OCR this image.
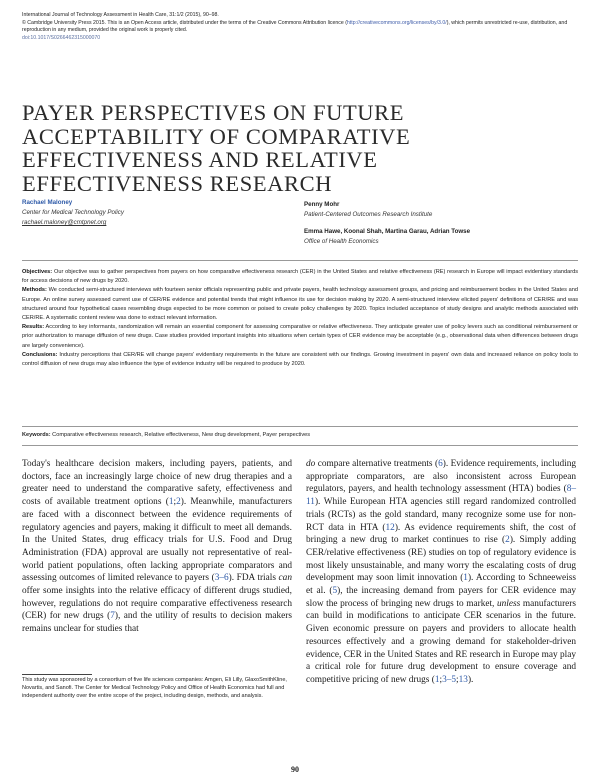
International Journal of Technology Assessment in Health Care, 31:1/2 (2015), 90–98.
© Cambridge University Press 2015. This is an Open Access article, distributed under the terms of the Creative Commons Attribution licence (http://creativecommons.org/licenses/by/3.0/), which permits unrestricted re-use, distribution, and reproduction in any medium, provided the original work is properly cited.
doi:10.1017/S0266462315000070
PAYER PERSPECTIVES ON FUTURE ACCEPTABILITY OF COMPARATIVE EFFECTIVENESS AND RELATIVE EFFECTIVENESS RESEARCH
Rachael Maloney
Center for Medical Technology Policy
rachael.maloney@cmtpnet.org
Penny Mohr
Patient-Centered Outcomes Research Institute
Emma Hawe, Koonal Shah, Martina Garau, Adrian Towse
Office of Health Economics

Objectives: Our objective was to gather perspectives from payers on how comparative effectiveness research (CER) in the United States and relative effectiveness (RE) research in Europe will impact evidentiary standards for access decisions of new drugs by 2020.

Methods: We conducted semi-structured interviews with fourteen senior officials representing public and private payers, health technology assessment groups, and pricing and reimbursement bodies in the United States and Europe. An online survey assessed current use of CER/RE evidence and potential trends that might influence its use for decision making by 2020. A semi-structured interview elicited payers' definitions of CER/RE and was structured around four hypothetical cases resembling drugs expected to be more common or poised to create policy challenges by 2020. Topics included acceptance of study designs and analytic methods associated with CER/RE. A systematic content review was done to extract relevant information.

Results: According to key informants, randomization will remain an essential component for assessing comparative or relative effectiveness. They anticipate greater use of policy levers such as conditional reimbursement or prior authorization to manage diffusion of new drugs. Case studies provided important insights into situations when certain types of CER evidence may be acceptable (e.g., observational data when differences between drugs are largely convenience).

Conclusions: Industry perceptions that CER/RE will change payers' evidentiary requirements in the future are consistent with our findings. Growing investment in payers' own data and increased reliance on policy tools to control diffusion of new drugs may also influence the type of evidence industry will be required to produce by 2020.

Keywords: Comparative effectiveness research, Relative effectiveness, New drug development, Payer perspectives

Today's healthcare decision makers, including payers, patients, and doctors, face an increasingly large choice of new drug therapies and a greater need to understand the comparative safety, effectiveness and costs of available treatment options (1;2). Meanwhile, manufacturers are faced with a disconnect between the evidence requirements of regulatory agencies and payers, making it difficult to meet all demands. In the United States, drug efficacy trials for U.S. Food and Drug Administration (FDA) approval are usually not representative of real-world patient populations, often lacking appropriate comparators and assessing outcomes of limited relevance to payers (3–6). FDA trials can offer some insights into the relative efficacy of different drugs studied, however, regulations do not require comparative effectiveness research (CER) for new drugs (7), and the utility of results to decision makers remains unclear for studies that

do compare alternative treatments (6). Evidence requirements, including appropriate comparators, are also inconsistent across European regulators, payers, and health technology assessment (HTA) bodies (8–11). While European HTA agencies still regard randomized controlled trials (RCTs) as the gold standard, many recognize some use for non-RCT data in HTA (12). As evidence requirements shift, the cost of bringing a new drug to market continues to rise (2). Simply adding CER/relative effectiveness (RE) studies on top of regulatory evidence is most likely unsustainable, and many worry the escalating costs of drug development may soon limit innovation (1). According to Schneeweiss et al. (5), the increasing demand from payers for CER evidence may slow the process of bringing new drugs to market, unless manufacturers can build in modifications to anticipate CER scenarios in the future. Given economic pressure on payers and providers to allocate health resources effectively and a growing demand for stakeholder-driven evidence, CER in the United States and RE research in Europe may play a critical role for future drug development to ensure coverage and competitive pricing of new drugs (1;3–5;13).

This study was sponsored by a consortium of five life sciences companies: Amgen, Eli Lilly, GlaxoSmithKline, Novartis, and Sanofi. The Center for Medical Technology Policy and Office of Health Economics had full and independent authority over the entire scope of the project, including design, methods, and analysis.
90
